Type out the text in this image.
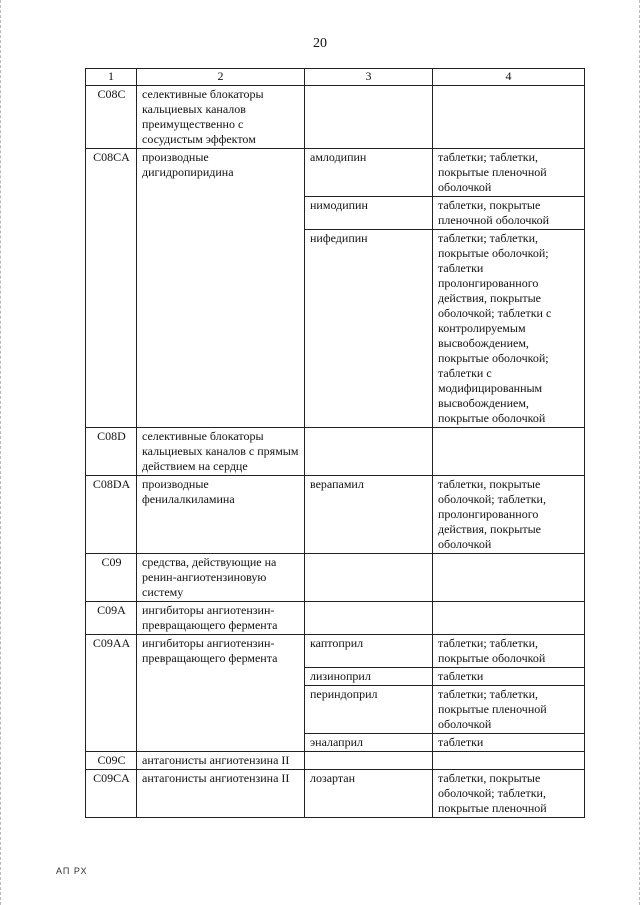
20
1	2	3	4
C08C	селективные блокаторы кальциевых каналов преимущественно с сосудистым эффектом		
C08CA	производные дигидропиридина	амлодипин	таблетки; таблетки, покрытые пленочной оболочкой
		нимодипин	таблетки, покрытые пленочной оболочкой
		нифедипин	таблетки; таблетки, покрытые оболочкой; таблетки пролонгированного действия, покрытые оболочкой; таблетки с контролируемым высвобождением, покрытые оболочкой; таблетки с модифицированным высвобождением, покрытые оболочкой
C08D	селективные блокаторы кальциевых каналов с прямым действием на сердце		
C08DA	производные фенилалкиламина	верапамил	таблетки, покрытые оболочкой; таблетки, пролонгированного действия, покрытые оболочкой
C09	средства, действующие на ренин-ангиотензиновую систему		
C09A	ингибиторы ангиотензин-превращающего фермента		
C09AA	ингибиторы ангиотензин-превращающего фермента	каптоприл	таблетки; таблетки, покрытые оболочкой
		лизиноприл	таблетки
		периндоприл	таблетки; таблетки, покрытые пленочной оболочкой
		эналаприл	таблетки
C09C	антагонисты ангиотензина II		
C09CA	антагонисты ангиотензина II	лозартан	таблетки, покрытые оболочкой; таблетки, покрытые пленочной
АП РХ
